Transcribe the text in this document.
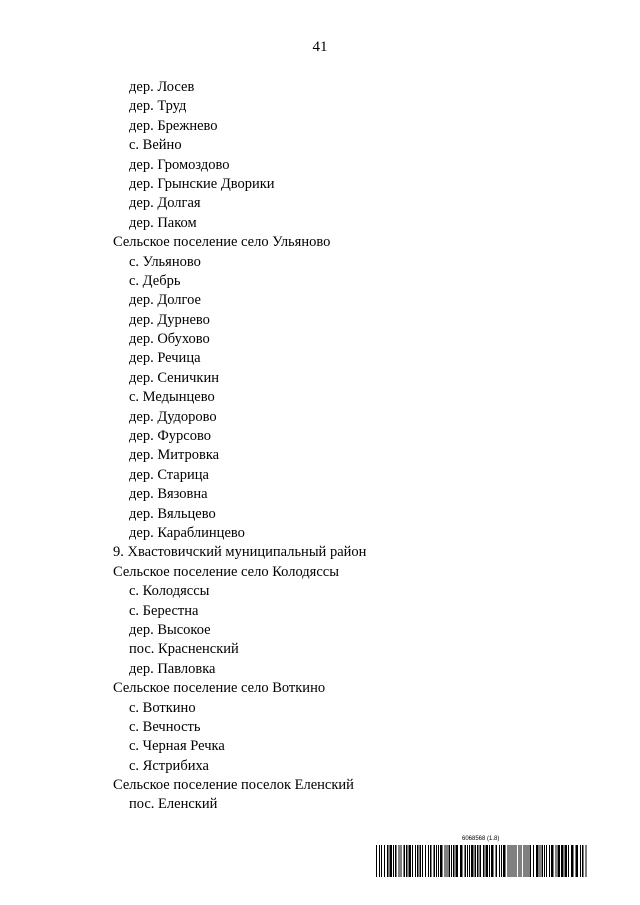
41
дер. Лосев
дер. Труд
дер. Брежнево
с. Вейно
дер. Громоздово
дер. Грынские Дворики
дер. Долгая
дер. Паком
Сельское поселение село Ульяново
с. Ульяново
с. Дебрь
дер. Долгое
дер. Дурнево
дер. Обухово
дер. Речица
дер. Сеничкин
с. Медынцево
дер. Дудорово
дер. Фурсово
дер. Митровка
дер. Старица
дер. Вязовна
дер. Вяльцево
дер. Караблинцево
9. Хвастовичский муниципальный район
Сельское поселение село Колодяссы
с. Колодяссы
с. Берестна
дер. Высокое
пос. Красненский
дер. Павловка
Сельское поселение село Воткино
с. Воткино
с. Вечность
с. Черная Речка
с. Ястрибиха
Сельское поселение поселок Еленский
пос. Еленский
6068568 (1.8)
